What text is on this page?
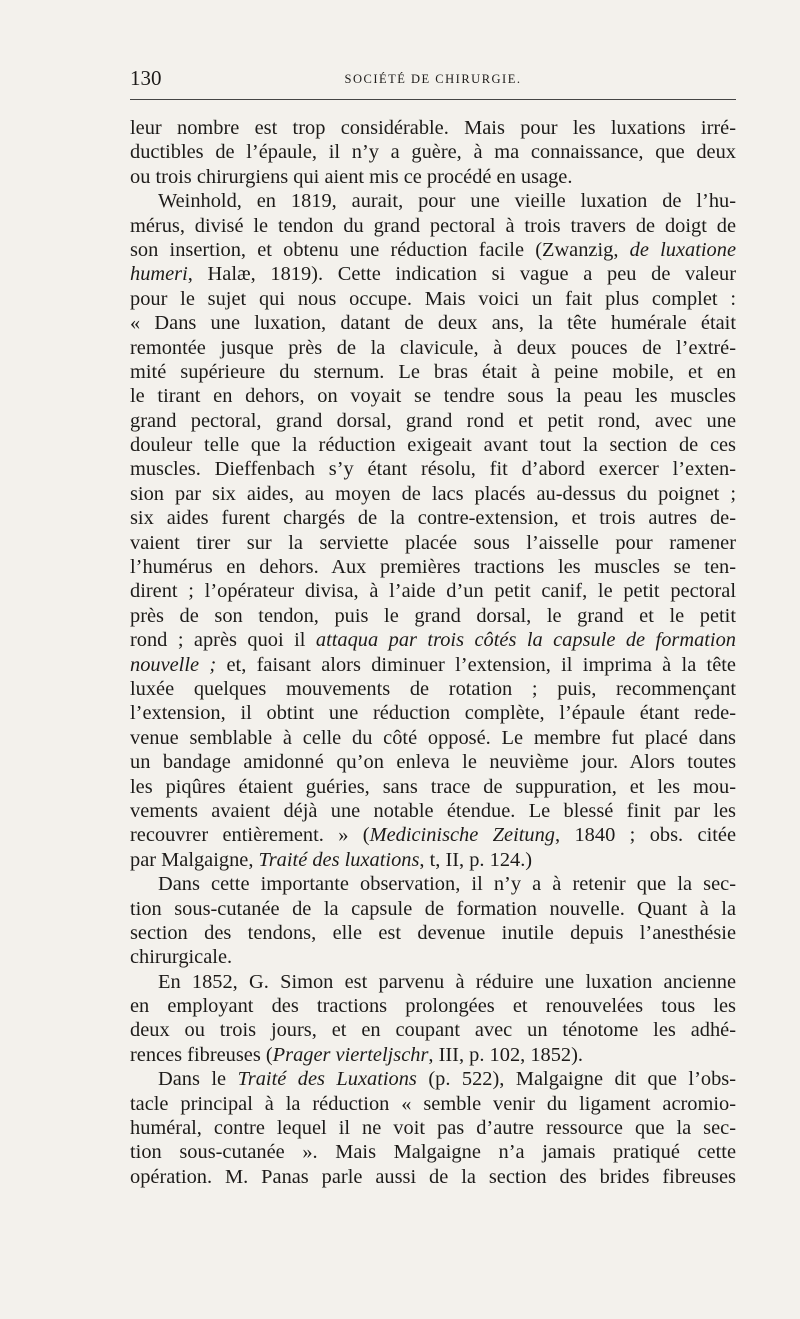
130	SOCIÉTÉ DE CHIRURGIE.
leur nombre est trop considérable. Mais pour les luxations irré-
ductibles de l’épaule, il n’y a guère, à ma connaissance, que deux
ou trois chirurgiens qui aient mis ce procédé en usage.
Weinhold, en 1819, aurait, pour une vieille luxation de l’hu-
mérus, divisé le tendon du grand pectoral à trois travers de doigt de
son insertion, et obtenu une réduction facile (Zwanzig, de luxatione
humeri, Halæ, 1819). Cette indication si vague a peu de valeur
pour le sujet qui nous occupe. Mais voici un fait plus complet :
« Dans une luxation, datant de deux ans, la tête humérale était
remontée jusque près de la clavicule, à deux pouces de l’extré-
mité supérieure du sternum. Le bras était à peine mobile, et en
le tirant en dehors, on voyait se tendre sous la peau les muscles
grand pectoral, grand dorsal, grand rond et petit rond, avec une
douleur telle que la réduction exigeait avant tout la section de ces
muscles. Dieffenbach s’y étant résolu, fit d’abord exercer l’exten-
sion par six aides, au moyen de lacs placés au-dessus du poignet ;
six aides furent chargés de la contre-extension, et trois autres de-
vaient tirer sur la serviette placée sous l’aisselle pour ramener
l’humérus en dehors. Aux premières tractions les muscles se ten-
dirent ; l’opérateur divisa, à l’aide d’un petit canif, le petit pectoral
près de son tendon, puis le grand dorsal, le grand et le petit
rond ; après quoi il attaqua par trois côtés la capsule de formation
nouvelle ; et, faisant alors diminuer l’extension, il imprima à la tête
luxée quelques mouvements de rotation ; puis, recommençant
l’extension, il obtint une réduction complète, l’épaule étant rede-
venue semblable à celle du côté opposé. Le membre fut placé dans
un bandage amidonné qu’on enleva le neuvième jour. Alors toutes
les piqûres étaient guéries, sans trace de suppuration, et les mou-
vements avaient déjà une notable étendue. Le blessé finit par les
recouvrer entièrement. » (Medicinische Zeitung, 1840 ; obs. citée
par Malgaigne, Traité des luxations, t, II, p. 124.)
Dans cette importante observation, il n’y a à retenir que la sec-
tion sous-cutanée de la capsule de formation nouvelle. Quant à la
section des tendons, elle est devenue inutile depuis l’anesthésie
chirurgicale.
En 1852, G. Simon est parvenu à réduire une luxation ancienne
en employant des tractions prolongées et renouvelées tous les
deux ou trois jours, et en coupant avec un ténotome les adhé-
rences fibreuses (Prager vierteljschr, III, p. 102, 1852).
Dans le Traité des Luxations (p. 522), Malgaigne dit que l’obs-
tacle principal à la réduction « semble venir du ligament acromio-
huméral, contre lequel il ne voit pas d’autre ressource que la sec-
tion sous-cutanée ». Mais Malgaigne n’a jamais pratiqué cette
opération. M. Panas parle aussi de la section des brides fibreuses
